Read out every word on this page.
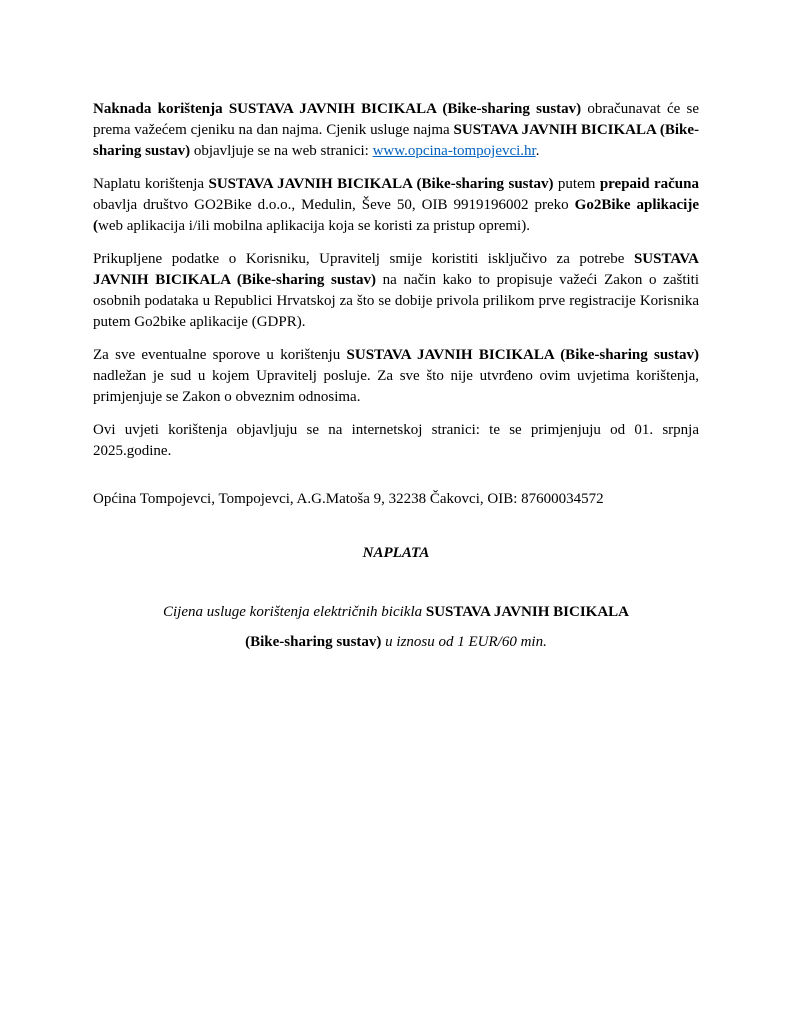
Naknada korištenja SUSTAVA JAVNIH BICIKALA (Bike-sharing sustav) obračunavat će se prema važećem cjeniku na dan najma. Cjenik usluge najma SUSTAVA JAVNIH BICIKALA (Bike-sharing sustav) objavljuje se na web stranici: www.opcina-tompojevci.hr.

Naplatu korištenja SUSTAVA JAVNIH BICIKALA (Bike-sharing sustav) putem prepaid računa obavlja društvo GO2Bike d.o.o., Medulin, Ševe 50, OIB 9919196002 preko Go2Bike aplikacije (web aplikacija i/ili mobilna aplikacija koja se koristi za pristup opremi).

Prikupljene podatke o Korisniku, Upravitelj smije koristiti isključivo za potrebe SUSTAVA JAVNIH BICIKALA (Bike-sharing sustav) na način kako to propisuje važeći Zakon o zaštiti osobnih podataka u Republici Hrvatskoj za što se dobije privola prilikom prve registracije Korisnika putem Go2bike aplikacije (GDPR).

Za sve eventualne sporove u korištenju SUSTAVA JAVNIH BICIKALA (Bike-sharing sustav) nadležan je sud u kojem Upravitelj posluje. Za sve što nije utvrđeno ovim uvjetima korištenja, primjenjuje se Zakon o obveznim odnosima.

Ovi uvjeti korištenja objavljuju se na internetskoj stranici: te se primjenjuju od 01. srpnja 2025.godine.

Općina Tompojevci, Tompojevci, A.G.Matoša 9, 32238 Čakovci, OIB: 87600034572

NAPLATA

Cijena usluge korištenja električnih bicikla SUSTAVA JAVNIH BICIKALA

(Bike-sharing sustav) u iznosu od 1 EUR/60 min.
